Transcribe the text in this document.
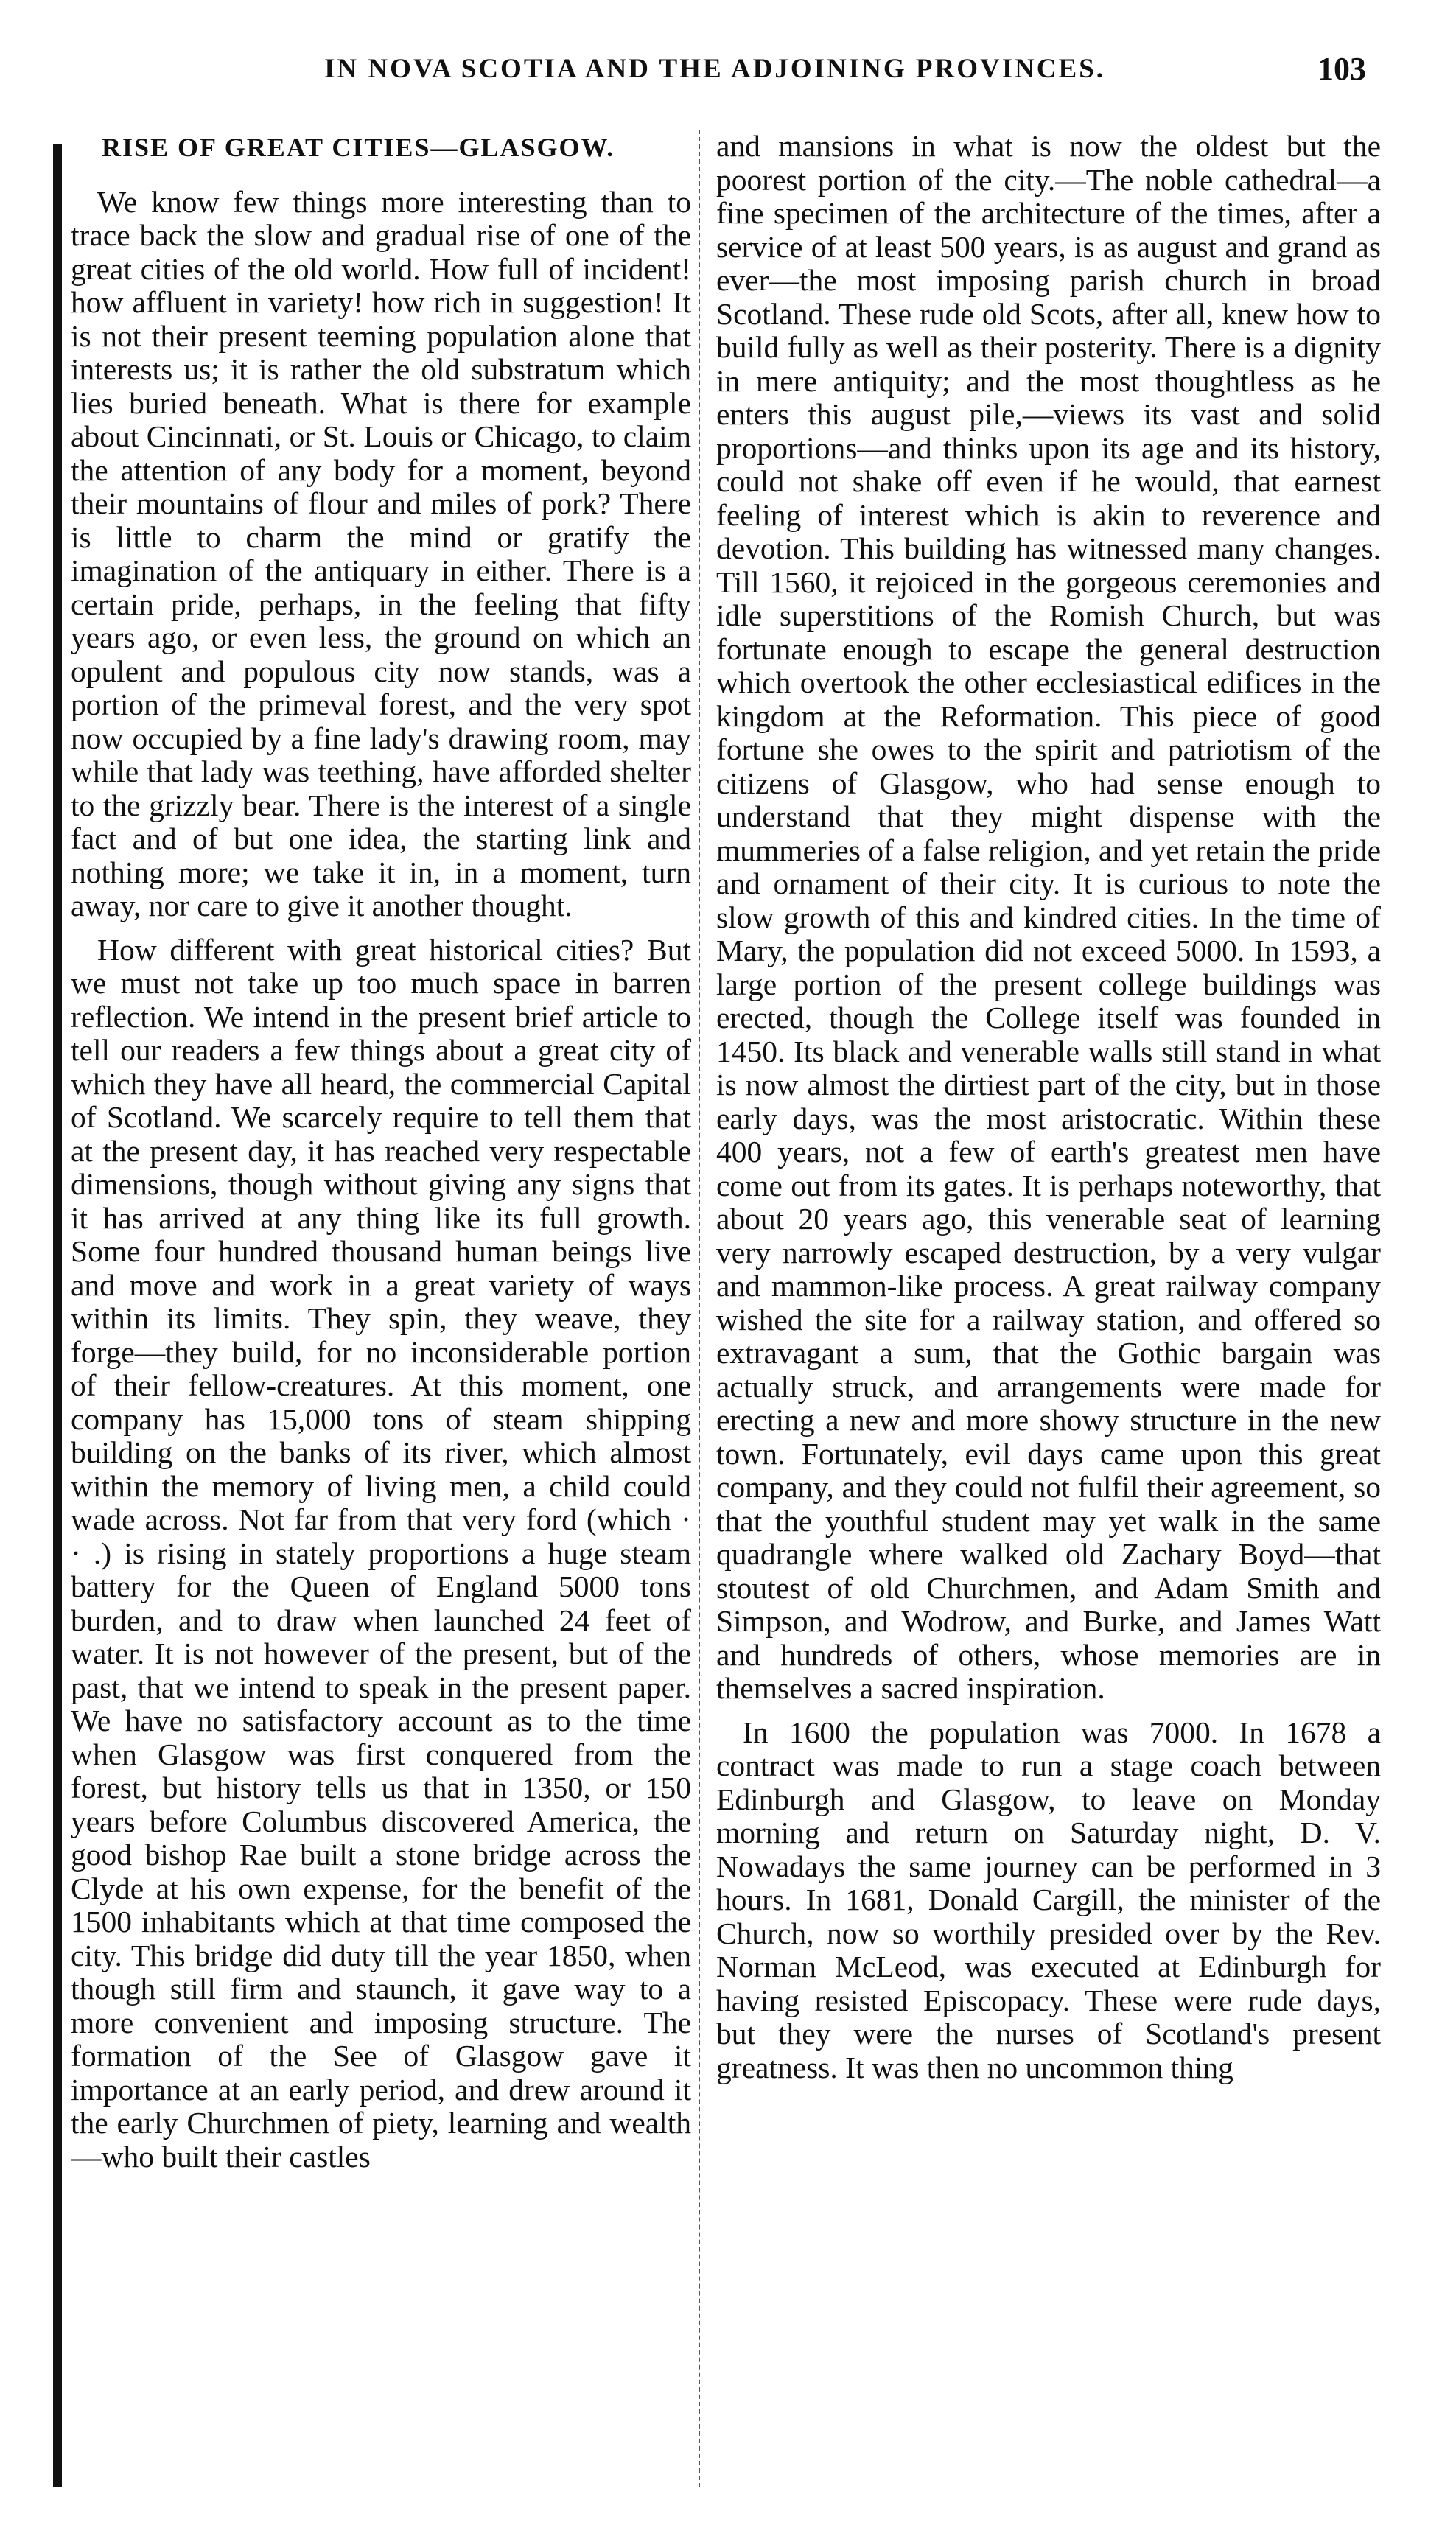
IN NOVA SCOTIA AND THE ADJOINING PROVINCES.	103
RISE OF GREAT CITIES—GLASGOW.

We know few things more interesting than to trace back the slow and gradual rise of one of the great cities of the old world. How full of incident! how affluent in variety! how rich in suggestion! It is not their present teeming population alone that interests us; it is rather the old substratum which lies buried beneath. What is there for example about Cincinnati, or St. Louis or Chicago, to claim the attention of any body for a moment, beyond their mountains of flour and miles of pork? There is little to charm the mind or gratify the imagination of the antiquary in either. There is a certain pride, perhaps, in the feeling that fifty years ago, or even less, the ground on which an opulent and populous city now stands, was a portion of the primeval forest, and the very spot now occupied by a fine lady's drawing room, may while that lady was teething, have afforded shelter to the grizzly bear. There is the interest of a single fact and of but one idea, the starting link and nothing more; we take it in, in a moment, turn away, nor care to give it another thought.

How different with great historical cities? But we must not take up too much space in barren reflection. We intend in the present brief article to tell our readers a few things about a great city of which they have all heard, the commercial Capital of Scotland. We scarcely require to tell them that at the present day, it has reached very respectable dimensions, though without giving any signs that it has arrived at any thing like its full growth. Some four hundred thousand human beings live and move and work in a great variety of ways within its limits. They spin, they weave, they forge—they build, for no inconsiderable portion of their fellow-creatures. At this moment, one company has 15,000 tons of steam shipping building on the banks of its river, which almost within the memory of living men, a child could wade across. Not far from that very ford (which · · .) is rising in stately proportions a huge steam battery for the Queen of England 5000 tons burden, and to draw when launched 24 feet of water. It is not however of the present, but of the past, that we intend to speak in the present paper. We have no satisfactory account as to the time when Glasgow was first conquered from the forest, but history tells us that in 1350, or 150 years before Columbus discovered America, the good bishop Rae built a stone bridge across the Clyde at his own expense, for the benefit of the 1500 inhabitants which at that time composed the city. This bridge did duty till the year 1850, when though still firm and staunch, it gave way to a more convenient and imposing structure. The formation of the See of Glasgow gave it importance at an early period, and drew around it the early Churchmen of piety, learning and wealth—who built their castles

and mansions in what is now the oldest but the poorest portion of the city.—The noble cathedral—a fine specimen of the architecture of the times, after a service of at least 500 years, is as august and grand as ever—the most imposing parish church in broad Scotland. These rude old Scots, after all, knew how to build fully as well as their posterity. There is a dignity in mere antiquity; and the most thoughtless as he enters this august pile,—views its vast and solid proportions—and thinks upon its age and its history, could not shake off even if he would, that earnest feeling of interest which is akin to reverence and devotion. This building has witnessed many changes. Till 1560, it rejoiced in the gorgeous ceremonies and idle superstitions of the Romish Church, but was fortunate enough to escape the general destruction which overtook the other ecclesiastical edifices in the kingdom at the Reformation. This piece of good fortune she owes to the spirit and patriotism of the citizens of Glasgow, who had sense enough to understand that they might dispense with the mummeries of a false religion, and yet retain the pride and ornament of their city. It is curious to note the slow growth of this and kindred cities. In the time of Mary, the population did not exceed 5000. In 1593, a large portion of the present college buildings was erected, though the College itself was founded in 1450. Its black and venerable walls still stand in what is now almost the dirtiest part of the city, but in those early days, was the most aristocratic. Within these 400 years, not a few of earth's greatest men have come out from its gates. It is perhaps noteworthy, that about 20 years ago, this venerable seat of learning very narrowly escaped destruction, by a very vulgar and mammon-like process. A great railway company wished the site for a railway station, and offered so extravagant a sum, that the Gothic bargain was actually struck, and arrangements were made for erecting a new and more showy structure in the new town. Fortunately, evil days came upon this great company, and they could not fulfil their agreement, so that the youthful student may yet walk in the same quadrangle where walked old Zachary Boyd—that stoutest of old Churchmen, and Adam Smith and Simpson, and Wodrow, and Burke, and James Watt and hundreds of others, whose memories are in themselves a sacred inspiration.

In 1600 the population was 7000. In 1678 a contract was made to run a stage coach between Edinburgh and Glasgow, to leave on Monday morning and return on Saturday night, D. V. Nowadays the same journey can be performed in 3 hours. In 1681, Donald Cargill, the minister of the Church, now so worthily presided over by the Rev. Norman McLeod, was executed at Edinburgh for having resisted Episcopacy. These were rude days, but they were the nurses of Scotland's present greatness. It was then no uncommon thing
